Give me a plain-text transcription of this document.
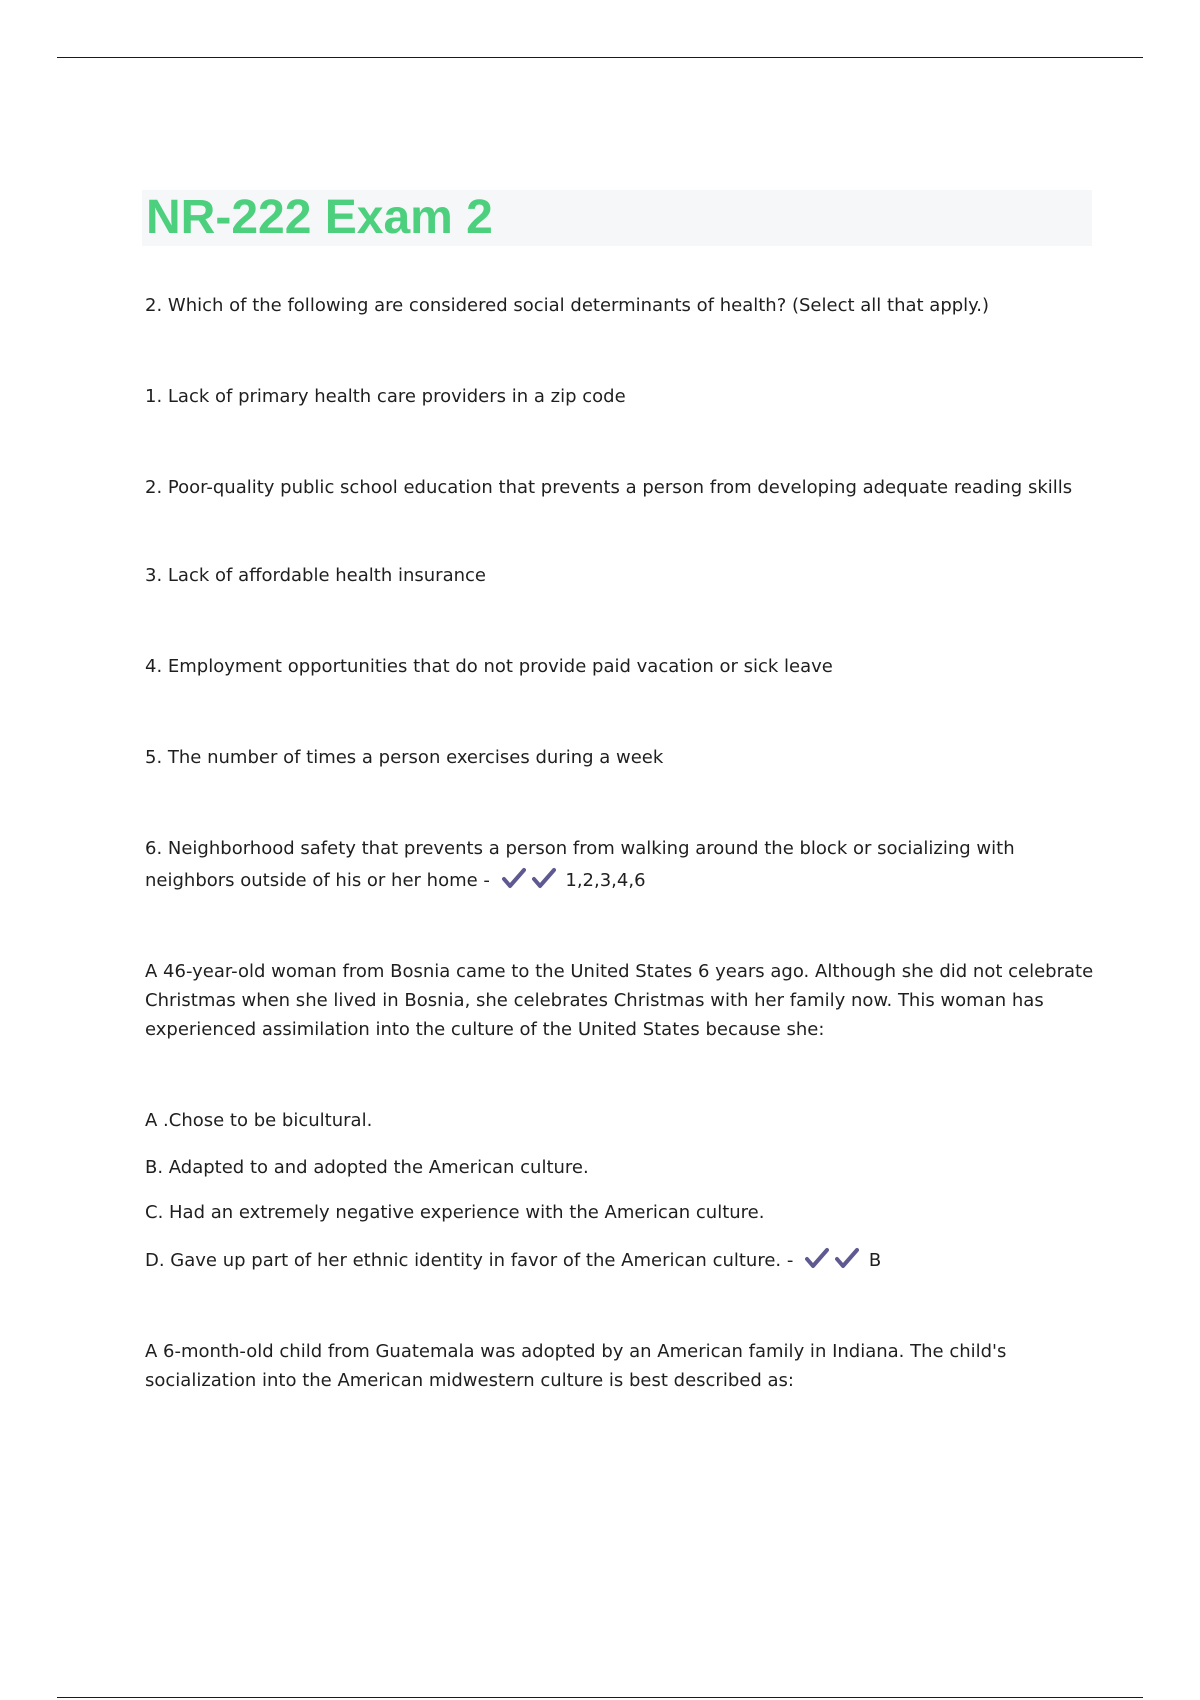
NR-222 Exam 2
2. Which of the following are considered social determinants of health? (Select all that apply.)
1. Lack of primary health care providers in a zip code
2. Poor-quality public school education that prevents a person from developing adequate reading skills
3. Lack of affordable health insurance
4. Employment opportunities that do not provide paid vacation or sick leave
5. The number of times a person exercises during a week
6. Neighborhood safety that prevents a person from walking around the block or socializing with
neighbors outside of his or her home -	1,2,3,4,6
A 46-year-old woman from Bosnia came to the United States 6 years ago. Although she did not celebrate Christmas when she lived in Bosnia, she celebrates Christmas with her family now. This woman has experienced assimilation into the culture of the United States because she:
A .Chose to be bicultural.
B. Adapted to and adopted the American culture.
C. Had an extremely negative experience with the American culture.
D. Gave up part of her ethnic identity in favor of the American culture. -	B
A 6-month-old child from Guatemala was adopted by an American family in Indiana. The child's socialization into the American midwestern culture is best described as:
